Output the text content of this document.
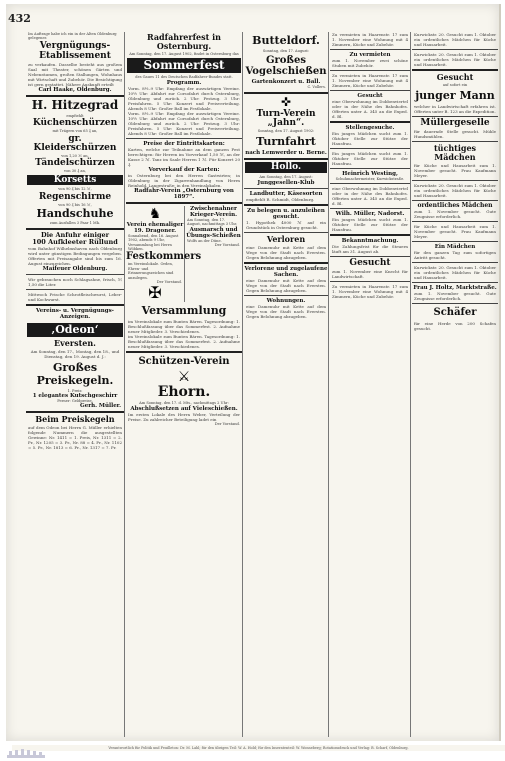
432
Im Auftrage habe ich ein in der Alten Oldenburg gelegenes
Vergnügungs-
Etablissement
zu verkaufen. Dasselbe besteht aus großem Saal mit Theater, schönen Gärten und Nebenräumen, großen Stallungen, Wohnhaus mit Wirtschaft und Zubehör. Die Besichtigung ist gern gestattet. Nähere Auskunft erteilt
Carl Haake, Oldenburg.
H. Hitzegrad
empfiehlt
Küchenschürzen
mit Trägern von 65 ₰ an,
gr. Kleiderschürzen
von 1,20 ℳ an,
Tändelschürzen
von 30 ₰ an,
Korsetts
von 90 ₰ bis 12 ℳ,
Regenschirme
von 90 ₰ bis 16 ℳ,
Handschuhe
zum Ausfallen 3 Paar 1 Mk.
Die Anfuhr einiger
100 Aufkleeter Rüllund
vom Bahnhof Wilhelmshaven nach Oldenburg wird unter günstigen Bedingungen vergeben. Offerten mit Preisangabe sind bis zum 16. August einzureichen.
Maifeuer Oldenburg.
Wir gebrauchen noch Schlagsahne, frisch, ℳ 1,50 die Liter.
Mittwoch Frische Schrotfleischwurst, Leber- und Kochwurst.
Vereins- u. Vergnügungs-Anzeigen.
‚Odeon‘
Eversten.
Am Sonntag, den 17., Montag, den 18., und Dienstag, den 19. August d. J.:
Großes Preiskegeln.
1. Preis:
1 elegantes Kutschgeschirr
Ferner: Geldpreise.
Gerh. Müller.
Beim Preiskegeln
auf dem Odeon bei Herrn G. Müller erhielten folgende Nummern die ausgestellten Gewinne: Nr. 1411 = 1. Preis, Nr. 1311 = 2. Pr., Nr. 1205 = 3. Pr., Nr. 88 = 4. Pr., Nr. 1102 = 5. Pr., Nr. 1813 = 6. Pr., Nr. 1317 = 7. Pr.
Radfahrerfest in Osternburg.
Am Sonntag, den 17. August 1902, findet in Osternburg das
Sommerfest
des Gaues 11 des Deutschen Radfahrer-Bundes statt.
Programm.
Vorm. 8½–9 Uhr: Empfang der auswärtigen Vereine. 10½ Uhr: Abfahrt zur Corsofahrt durch Osternburg, Oldenburg und zurück. 2 Uhr: Festzug. 3 Uhr: Preisfahren. 5 Uhr: Konzert und Preisverteilung. Abends 8 Uhr: Großer Ball im Festlokale.
Vorm. 8½–9 Uhr: Empfang der auswärtigen Vereine. 10½ Uhr: Abfahrt zur Corsofahrt durch Osternburg, Oldenburg und zurück. 2 Uhr: Festzug. 3 Uhr: Preisfahren. 5 Uhr: Konzert und Preisverteilung. Abends 8 Uhr: Großer Ball im Festlokale.
Preise der Eintrittskarten:
Karten, welche zur Teilnahme an dem ganzen Fest berechtigen: für Herren im Vorverkauf 1,50 ℳ, an der Kasse 2 ℳ. Tanz im Saale Herren 1 ℳ. Für Konzert 20 ₰.
Vorverkauf der Karten:
in Osternburg bei den Herren Gastwirten; in Oldenburg in der Zigarrenhandlung von Herrn Reinhold, Langestraße; in den Vereinslokalen.
Radfahr-Verein „Osternburg von 1897“.
♞
Verein ehemaliger 19. Dragoner.
Sonnabend, den 16. August 1902, abends 9 Uhr, Versammlung bei Herrn Wöbken.
Festkommers
im Vereinslokale. Orden, Ehren- und Erinnerungszeichen sind anzulegen.
Der Vorstand.
✠
Zwischenahner Krieger-Verein.
Am Sonntag, den 17. August, nachmittags 3 Uhr,
Ausmarsch und Übungs-Schießen
Wolfs an der Düne.
Der Vorstand.
Versammlung
im Vereinslokale zum Bunten Bären. Tagesordnung: 1. Beschlußfassung über das Sommerfest. 2. Aufnahme neuer Mitglieder. 3. Verschiedenes.
im Vereinslokale zum Bunten Bären. Tagesordnung: 1. Beschlußfassung über das Sommerfest. 2. Aufnahme neuer Mitglieder. 3. Verschiedenes.
Schützen-Verein
⚔
Ehorn.
Am Sonntag, den 17. d. Mts., nachmittags 2 Uhr:
Abschlußsetzen auf Vieleschießen.
Im ersten Lokale des Herrn Weber, Verteilung der Preise. Zu zahlreicher Beteiligung ladet ein
Der Vorstand.
Butteldorf.
Sonntag, den 17. August:
Großes Vogelschießen
Gartenkonzert u. Ball.
C. Vollers.
✜
Turn-Verein „Jahn“.
Sonntag, den 17. August 1902:
Turnfahrt
nach Lemwerder u. Berne.
Hollo.
Am Sonntag, den 17. August:
Junggesellen-Klub
Landbutter, Käsesorten
empfiehlt R. Schmidt, Oldenburg.
Zu belegen u. anzuleihen gesucht.
1. Hypothek 4000 ℳ auf ein Grundstück in Osternburg gesucht.
Verloren
eine Damenuhr mit Kette auf dem Wege von der Stadt nach Eversten. Gegen Belohnung abzugeben.
Verlorene und zugelaufene Sachen.
eine Damenuhr mit Kette auf dem Wege von der Stadt nach Eversten. Gegen Belohnung abzugeben.
Wohnungen.
eine Damenuhr mit Kette auf dem Wege von der Stadt nach Eversten. Gegen Belohnung abzugeben.
Zu vermieten in Haarenstr. 17 zum 1. November eine Wohnung mit 4 Zimmern, Küche und Zubehör.
Zu vermieten
zum 1. November zwei schöne Stuben mit Zubehör.
Zu vermieten in Haarenstr. 17 zum 1. November eine Wohnung mit 4 Zimmern, Küche und Zubehör.
Gesucht
eine Oberwohnung im Dobbenviertel oder in der Nähe des Bahnhofes. Offerten unter A. 345 an die Exped. d. Bl.
Stellengesuche.
Ein junges Mädchen sucht zum 1. Oktober Stelle zur Stütze der Hausfrau.
Ein junges Mädchen sucht zum 1. Oktober Stelle zur Stütze der Hausfrau.
Heinrich Westing,
Schuhmachermeister, Kurwickstraße.
eine Oberwohnung im Dobbenviertel oder in der Nähe des Bahnhofes. Offerten unter A. 345 an die Exped. d. Bl.
Wilh. Müller, Nadorst.
Ein junges Mädchen sucht zum 1. Oktober Stelle zur Stütze der Hausfrau.
Bekanntmachung.
Die Zahlungsfrist für die Steuern läuft am 31. August ab.
Gesucht
zum 1. November eine Knecht für Landwirtschaft.
Zu vermieten in Haarenstr. 17 zum 1. November eine Wohnung mit 4 Zimmern, Küche und Zubehör.
Kurwickstr. 20. Gesucht zum 1. Oktober ein ordentliches Mädchen für Küche und Hausarbeit.
Kurwickstr. 20. Gesucht zum 1. Oktober ein ordentliches Mädchen für Küche und Hausarbeit.
Gesucht
auf sofort ein
junger Mann
welcher in Landwirtschaft erfahren ist. Offerten unter B. 123 an die Expedition.
Müllergeselle
für dauernde Stelle gesucht. Mühle Hundsmühlen.
tüchtiges Mädchen
für Küche und Hausarbeit zum 1. November gesucht. Frau Kaufmann Meyer.
Kurwickstr. 20. Gesucht zum 1. Oktober ein ordentliches Mädchen für Küche und Hausarbeit.
ordentliches Mädchen
zum 1. November gesucht. Gute Zeugnisse erforderlich.
für Küche und Hausarbeit zum 1. November gesucht. Frau Kaufmann Meyer.
Ein Mädchen
für den ganzen Tag zum sofortigen Antritt gesucht.
Kurwickstr. 20. Gesucht zum 1. Oktober ein ordentliches Mädchen für Küche und Hausarbeit.
Frau J. Holtz, Marktstraße.
zum 1. November gesucht. Gute Zeugnisse erforderlich.
Schäfer
für eine Herde von 200 Schafen gesucht.
Verantwortlich für Politik und Feuilleton: Dr. M. Lahl; für den übrigen Teil: W. A. Hold; für den Inseratenteil: W. Wonneberg; Rotationsdruck und Verlag: B. Scharf, Oldenburg.
